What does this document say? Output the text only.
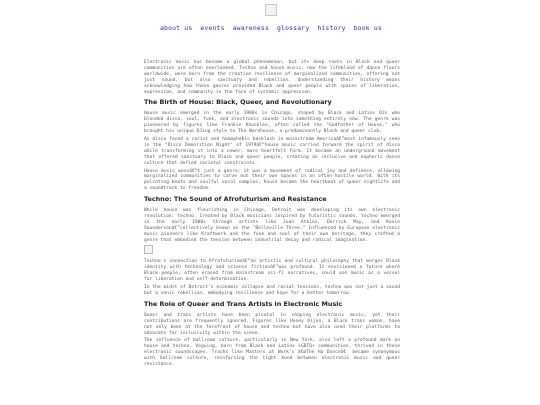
about us events awareness glossary history book us

Electronic music has become a global phenomenon, but its deep roots in Black and queer communities are often overlooked. Techno and house music, now the lifeblood of dance floors worldwide, were born from the creative resilience of marginalized communities, offering not just sound, but also sanctuary and rebellion. Understanding their history means acknowledging how these genres provided Black and queer people with spaces of liberation, expression, and community in the face of systemic oppression.

The Birth of House: Black, Queer, and Revolutionary

House music emerged in the early 1980s in Chicago, shaped by Black and Latinx DJs who blended disco, soul, funk, and electronic sounds into something entirely new. The genre was pioneered by figures like Frankie Knuckles, often called the "Godfather of House," who brought his unique DJing style to The Warehouse, a predominantly Black and queer club.

As disco faced a racist and homophobic backlash in mainstream Americaâ€”most infamously seen in the "Disco Demolition Night" of 1979â€”house music carried forward the spirit of disco while transforming it into a newer, more heartfelt form. It became an underground movement that offered sanctuary to Black and queer people, creating an inclusive and euphoric dance culture that defied societal constraints.

House music wasnâ€™t just a genre; it was a movement of radical joy and defiance, allowing marginalized communities to carve out their own spaces in an often-hostile world. With its pulsating beats and soulful vocal samples, house became the heartbeat of queer nightlife and a soundtrack to freedom.

Techno: The Sound of Afrofuturism and Resistance

While house was flourishing in Chicago, Detroit was developing its own electronic revolution: techno. Created by Black musicians inspired by futuristic sounds, techno emerged in the early 1980s through artists like Juan Atkins, Derrick May, and Kevin Saundersonâ€”collectively known as the "Belleville Three." Influenced by European electronic music pioneers like Kraftwerk and the funk and soul of their own heritage, they crafted a genre that embodied the tension between industrial decay and radical imagination.

Techno's connection to Afrofuturismâ€”an artistic and cultural philosophy that merges Black identity with technology and science fictionâ€”was profound. It envisioned a future where Black people, often erased from mainstream sci-fi narratives, could use music as a vessel for liberation and self-determination.

In the midst of Detroit's economic collapse and racial tensions, techno was not just a sound but a sonic rebellion, embodying resilience and hope for a better tomorrow.

The Role of Queer and Trans Artists in Electronic Music

Queer and trans artists have been pivotal in shaping electronic music, yet their contributions are frequently ignored. Figures like Honey Dijon, a Black trans woman, have not only been at the forefront of house and techno but have also used their platforms to advocate for inclusivity within the scene.

The influence of ballroom culture, particularly in New York, also left a profound mark on house and techno. Voguing, born from Black and Latinx LGBTQ+ communities, thrived in these electronic soundscapes. Tracks like Masters at Work's â€œThe Ha Danceâ€ became synonymous with ballroom culture, reinforcing the tight bond between electronic music and queer resistance.
